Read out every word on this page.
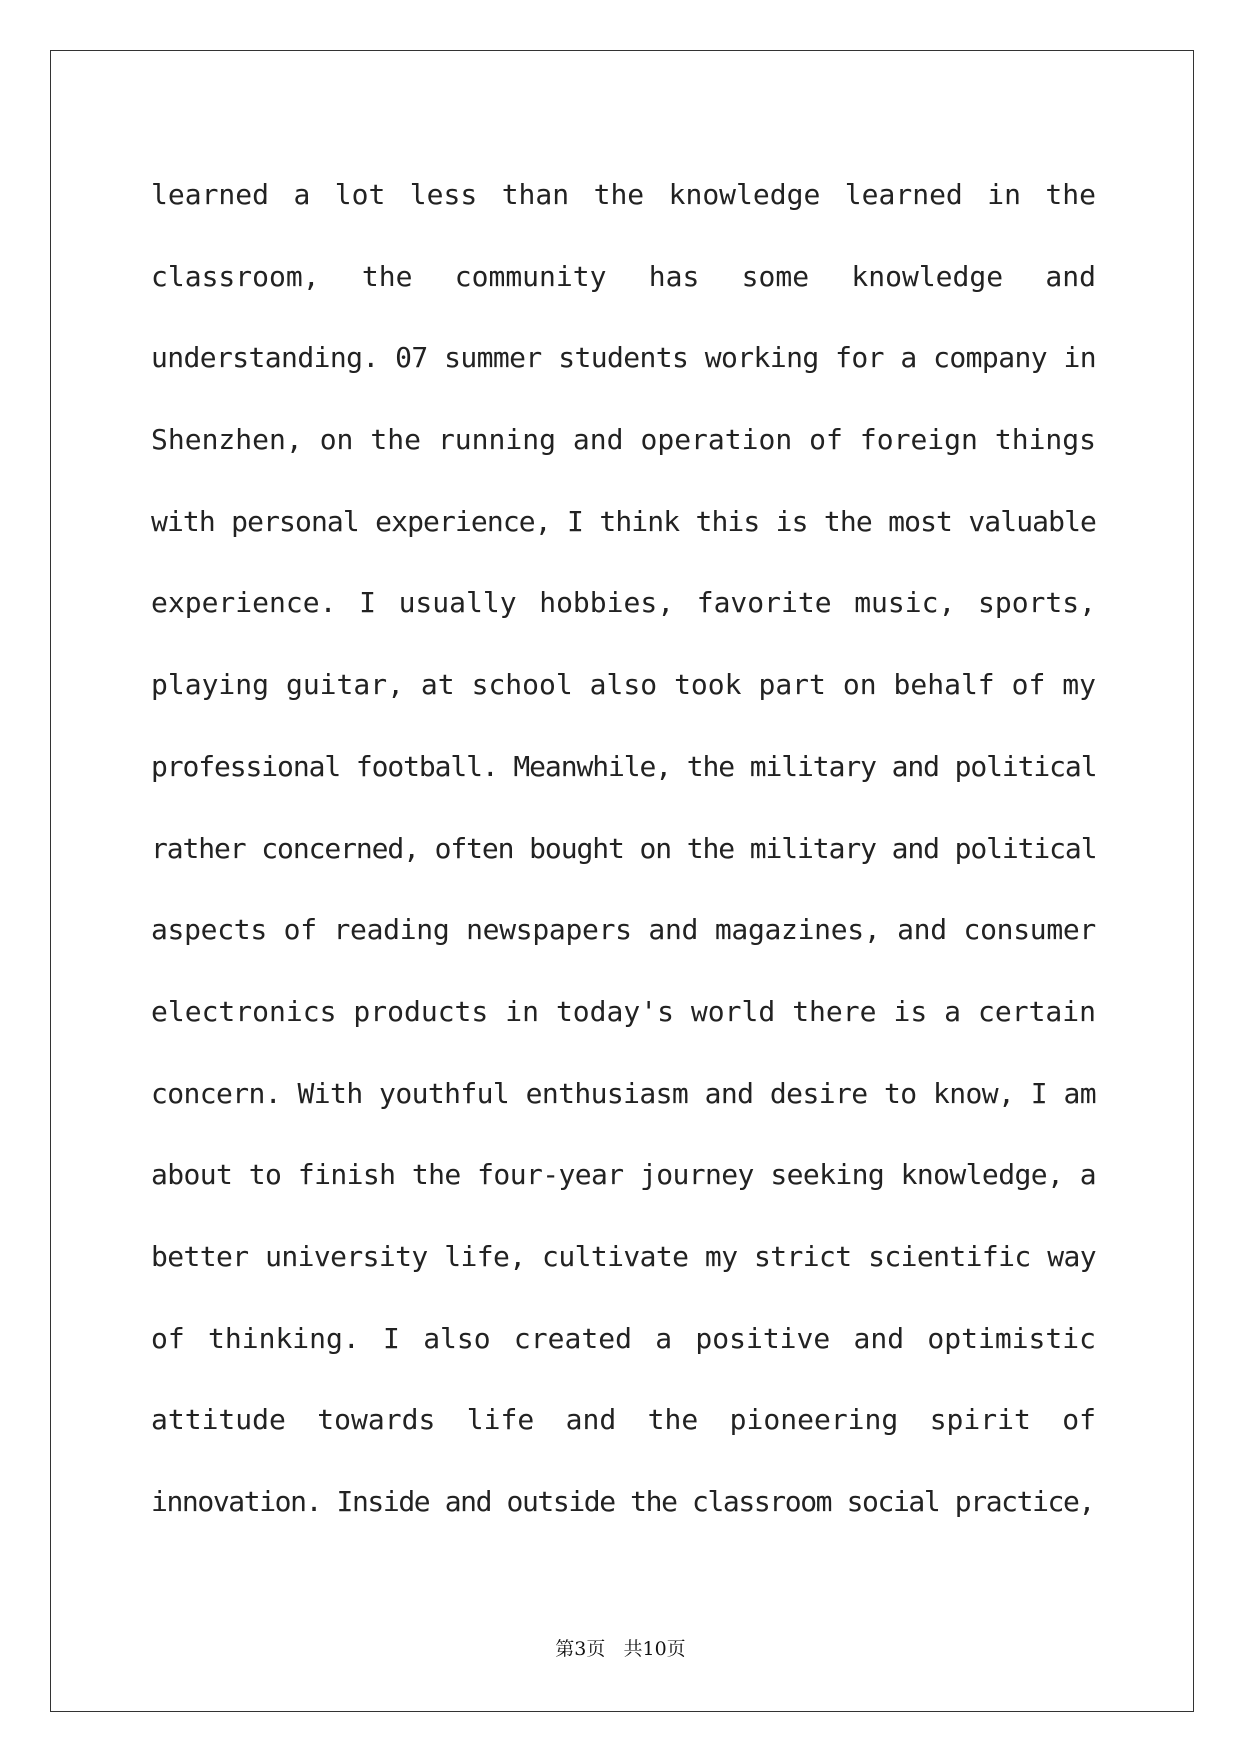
learned a lot less than the knowledge learned in the
classroom, the community has some knowledge and
understanding. 07 summer students working for a company in
Shenzhen, on the running and operation of foreign things
with personal experience, I think this is the most valuable
experience. I usually hobbies, favorite music, sports,
playing guitar, at school also took part on behalf of my
professional football. Meanwhile, the military and political
rather concerned, often bought on the military and political
aspects of reading newspapers and magazines, and consumer
electronics products in today's world there is a certain
concern. With youthful enthusiasm and desire to know, I am
about to finish the four-year journey seeking knowledge, a
better university life, cultivate my strict scientific way
of thinking. I also created a positive and optimistic
attitude towards life and the pioneering spirit of
innovation. Inside and outside the classroom social practice,
第3页   共10页
